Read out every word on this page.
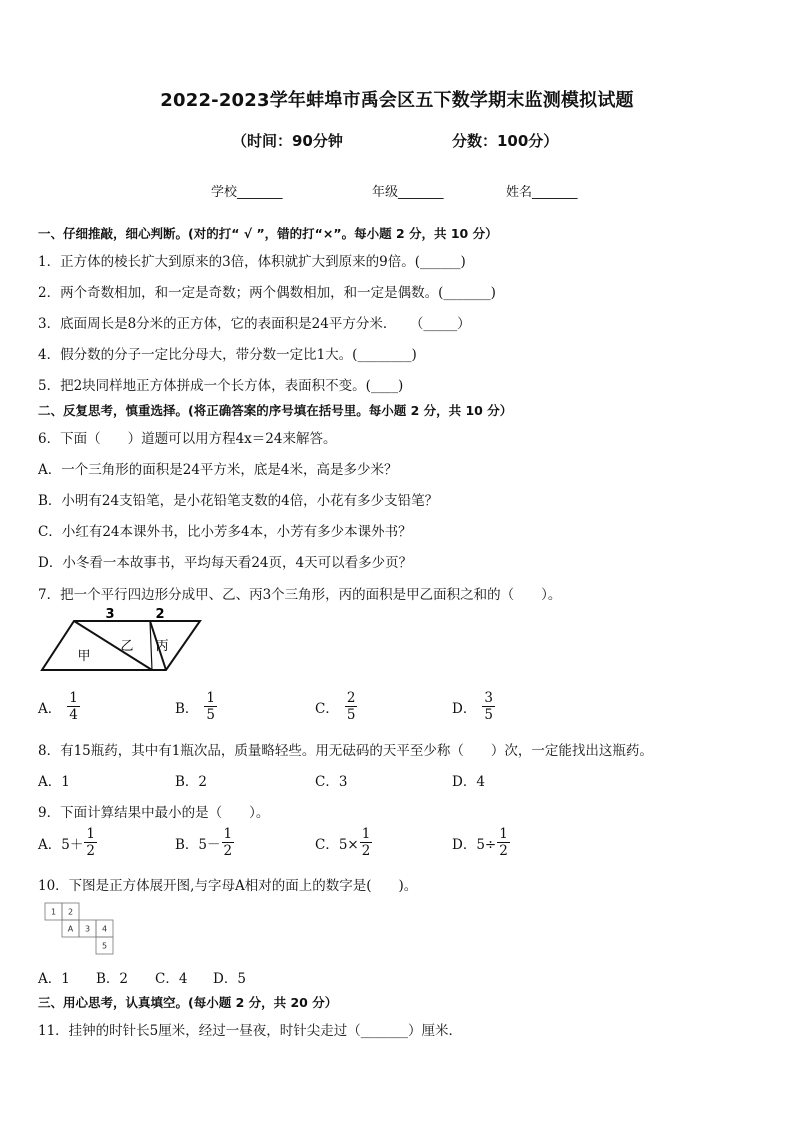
2022-2023学年蚌埠市禹会区五下数学期末监测模拟试题
（时间：90分钟	分数：100分）
学校_______	年级_______	姓名_______
一、仔细推敲，细心判断。(对的打“ √ ”，错的打“×”。每小题 2 分，共 10 分）
1．正方体的棱长扩大到原来的3倍，体积就扩大到原来的9倍。(______)
2．两个奇数相加，和一定是奇数；两个偶数相加，和一定是偶数。(_______)
3．底面周长是8分米的正方体，它的表面积是24平方分米．　　（_____）
4．假分数的分子一定比分母大，带分数一定比1大。(________)
5．把2块同样地正方体拼成一个长方体，表面积不变。(____)
二、反复思考，慎重选择。(将正确答案的序号填在括号里。每小题 2 分，共 10 分）
6．下面（　　）道题可以用方程4x＝24来解答。
A．一个三角形的面积是24平方米，底是4米，高是多少米？
B．小明有24支铅笔，是小花铅笔支数的4倍，小花有多少支铅笔？
C．小红有24本课外书，比小芳多4本，小芳有多少本课外书？
D．小冬看一本故事书，平均每天看24页，4天可以看多少页？
7．把一个平行四边形分成甲、乙、丙3个三角形，丙的面积是甲乙面积之和的（　　）。
3	2
甲
乙 丙
A． $\frac{1}{4}$	B． $\frac{1}{5}$	C． $\frac{2}{5}$	D． $\frac{3}{5}$
8．有15瓶药，其中有1瓶次品，质量略轻些。用无砝码的天平至少称（　　）次，一定能找出这瓶药。
A．1	B．2	C．3	D．4
9．下面计算结果中最小的是（　　）。
A．$5+ \frac{1}{2}$	B．$5- \frac{1}{2}$	C．$5\times \frac{1}{2}$	D．$5\div \frac{1}{2}$
10．下图是正方体展开图,与字母A相对的面上的数字是(　　)。
1 2
A 3 4
5
A．1 B．2 C．4 D．5
三、用心思考，认真填空。(每小题 2 分，共 20 分）
11．挂钟的时针长5厘米，经过一昼夜，时针尖走过（_______）厘米．
